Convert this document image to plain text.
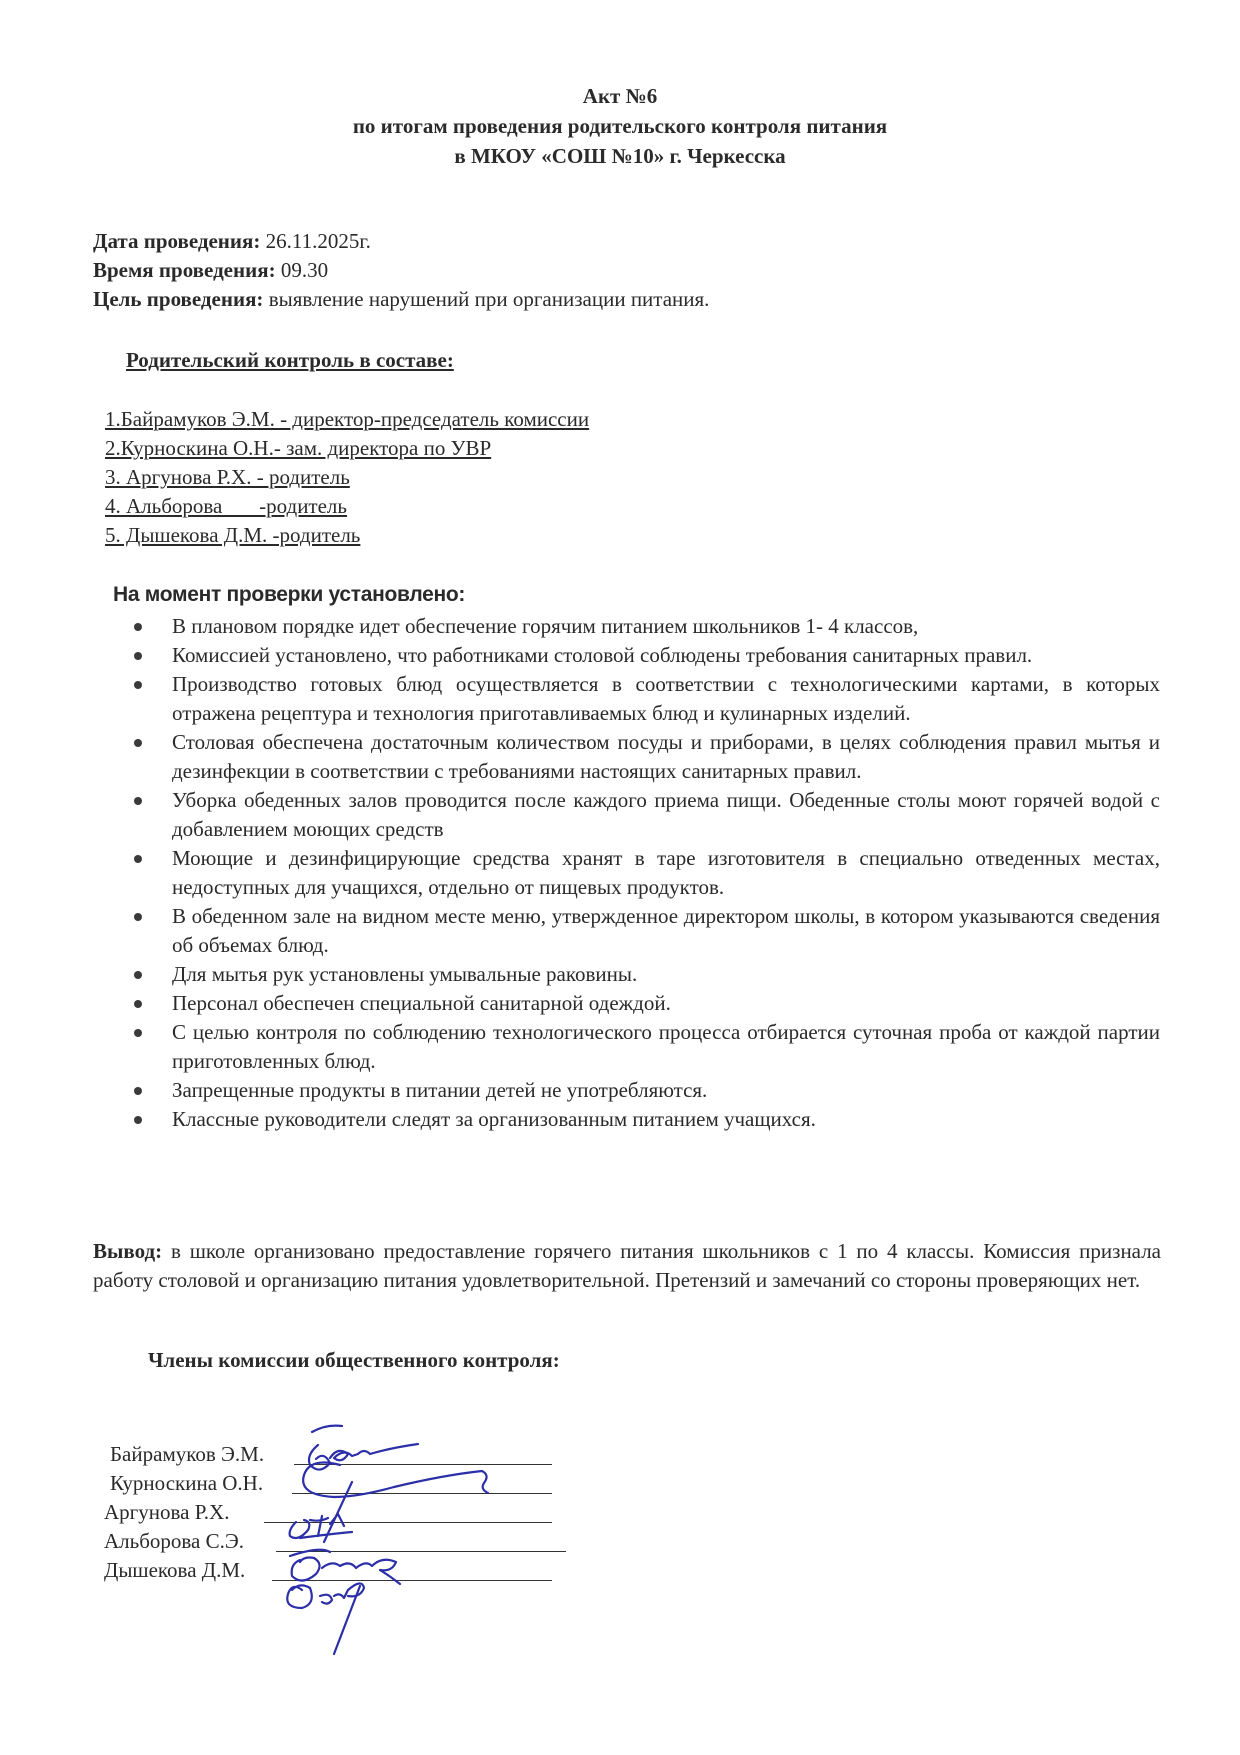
Акт №6
по итогам проведения родительского контроля питания
в МКОУ «СОШ №10» г. Черкесска
Дата проведения: 26.11.2025г.
Время проведения: 09.30
Цель проведения: выявление нарушений при организации питания.
Родительский контроль в составе:
1.Байрамуков Э.М. - директор-председатель комиссии
2.Курноскина О.Н.- зам. директора по УВР
3. Аргунова Р.Х. - родитель
4. Альборова       -родитель
5. Дышекова Д.М. -родитель
На момент проверки установлено:
В плановом порядке идет обеспечение горячим питанием школьников 1- 4 классов,
Комиссией установлено, что работниками столовой соблюдены требования санитарных правил.
Производство готовых блюд осуществляется в соответствии с технологическими картами, в которых отражена рецептура и технология приготавливаемых блюд и кулинарных изделий.
Столовая обеспечена достаточным количеством посуды и приборами, в целях соблюдения правил мытья и дезинфекции в соответствии с требованиями настоящих санитарных правил.
Уборка обеденных залов проводится после каждого приема пищи. Обеденные столы моют горячей водой с добавлением моющих средств
Моющие и дезинфицирующие средства хранят в таре изготовителя в специально отведенных местах, недоступных для учащихся, отдельно от пищевых продуктов.
В обеденном зале на видном месте меню, утвержденное директором школы, в котором указываются сведения об объемах блюд.
Для мытья рук установлены умывальные раковины.
Персонал обеспечен специальной санитарной одеждой.
С целью контроля по соблюдению технологического процесса отбирается суточная проба от каждой партии приготовленных блюд.
Запрещенные продукты в питании детей не употребляются.
Классные руководители следят за организованным питанием учащихся.
Вывод: в школе организовано предоставление горячего питания школьников с 1 по 4 классы. Комиссия признала работу столовой и организацию питания удовлетворительной. Претензий и замечаний со стороны проверяющих нет.
Члены комиссии общественного контроля:
Байрамуков Э.М.
Курноскина О.Н.
Аргунова Р.Х.
Альборова С.Э.
Дышекова Д.М.
